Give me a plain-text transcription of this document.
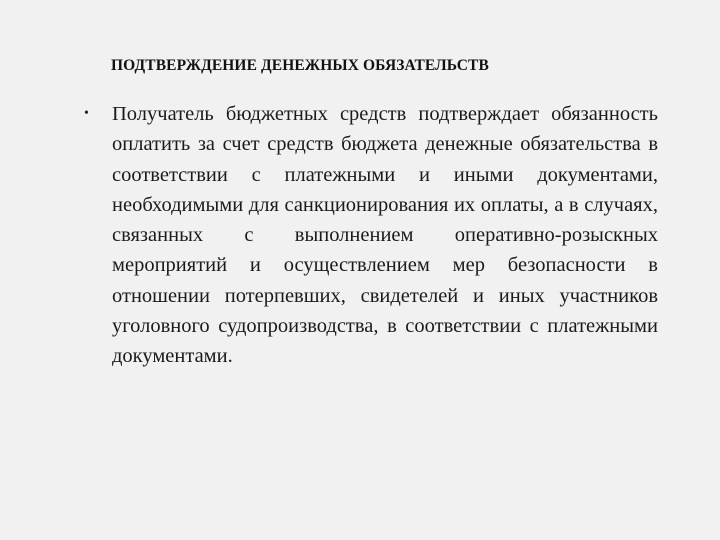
ПОДТВЕРЖДЕНИЕ ДЕНЕЖНЫХ ОБЯЗАТЕЛЬСТВ
• Получатель бюджетных средств подтверждает обязанность оплатить за счет средств бюджета денежные обязательства в соответствии с платежными и иными документами, необходимыми для санкционирования их оплаты, а в случаях, связанных с выполнением оперативно-розыскных мероприятий и осуществлением мер безопасности в отношении потерпевших, свидетелей и иных участников уголовного судопроизводства, в соответствии с платежными документами.
